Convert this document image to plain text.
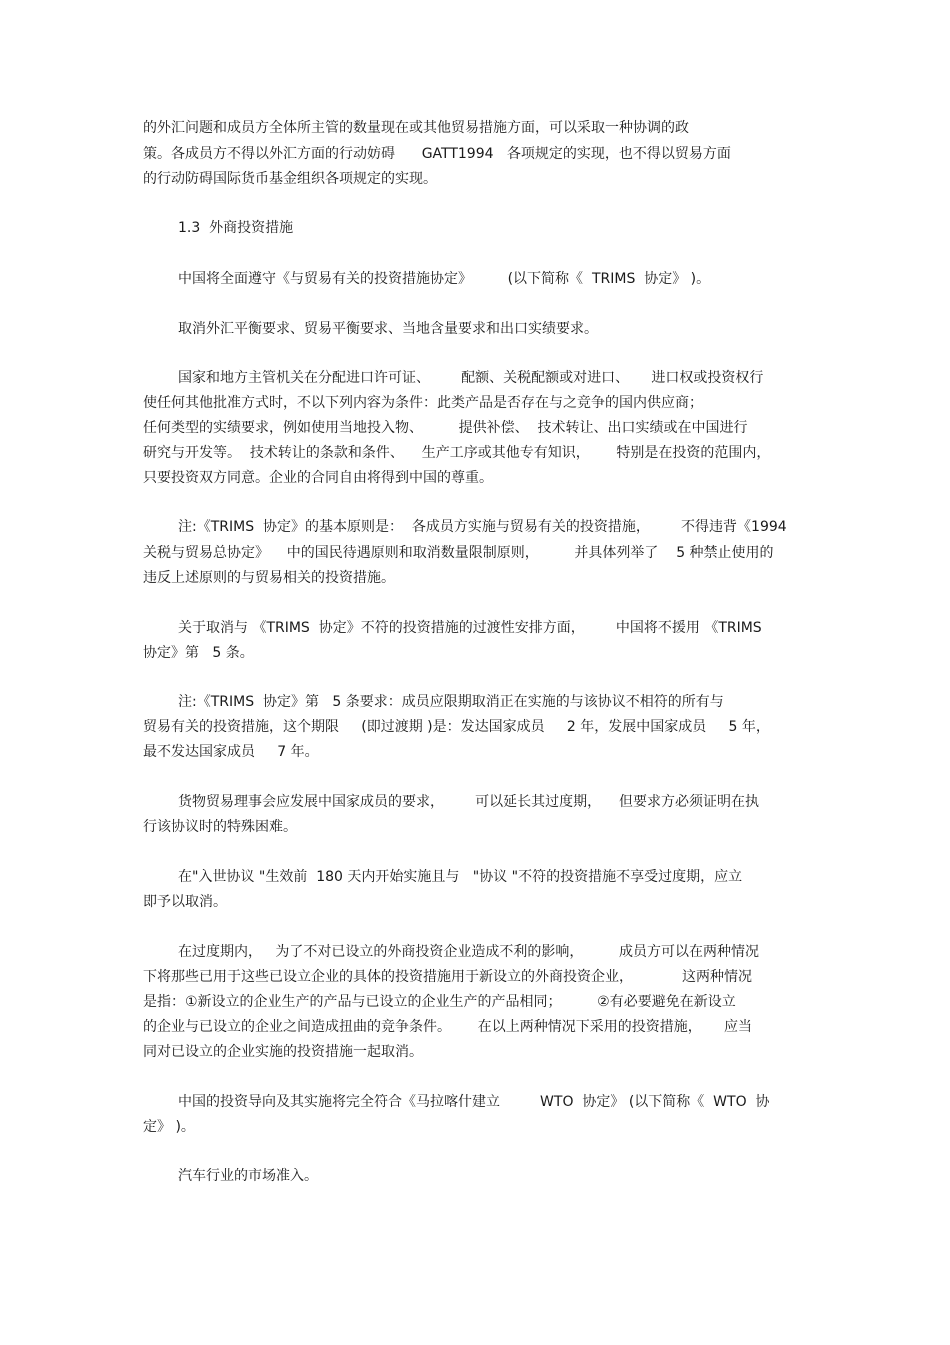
的外汇问题和成员方全体所主管的数量现在或其他贸易措施方面，可以采取一种协调的政
策。各成员方不得以外汇方面的行动妨碍      GATT1994   各项规定的实现，也不得以贸易方面
的行动防碍国际货币基金组织各项规定的实现。
1.3  外商投资措施
中国将全面遵守《与贸易有关的投资措施协定》        (以下简称《  TRIMS  协定》 )。
取消外汇平衡要求、贸易平衡要求、当地含量要求和出口实绩要求。
国家和地方主管机关在分配进口许可证、       配额、关税配额或对进口、     进口权或投资权行
使任何其他批准方式时，不以下列内容为条件：此类产品是否存在与之竞争的国内供应商；
任何类型的实绩要求，例如使用当地投入物、        提供补偿、  技术转让、出口实绩或在中国进行
研究与开发等。  技术转让的条款和条件、    生产工序或其他专有知识，      特别是在投资的范围内，
只要投资双方同意。企业的合同自由将得到中国的尊重。
注:《TRIMS  协定》的基本原则是：  各成员方实施与贸易有关的投资措施，       不得违背《1994
关税与贸易总协定》    中的国民待遇原则和取消数量限制原则，        并具体列举了    5 种禁止使用的
违反上述原则的与贸易相关的投资措施。
关于取消与 《TRIMS  协定》不符的投资措施的过渡性安排方面，       中国将不援用 《TRIMS
协定》第   5 条。
注:《TRIMS  协定》第   5 条要求：成员应限期取消正在实施的与该协议不相符的所有与
贸易有关的投资措施，这个期限     (即过渡期 )是：发达国家成员     2 年，发展中国家成员     5 年，
最不发达国家成员     7 年。
货物贸易理事会应发展中国家成员的要求，       可以延长其过度期，    但要求方必须证明在执
行该协议时的特殊困难。
在"入世协议 "生效前  180 天内开始实施且与   "协议 "不符的投资措施不享受过度期，应立
即予以取消。
在过度期内，   为了不对已设立的外商投资企业造成不利的影响，        成员方可以在两种情况
下将那些已用于这些已设立企业的具体的投资措施用于新设立的外商投资企业，           这两种情况
是指：①新设立的企业生产的产品与已设立的企业生产的产品相同；        ②有必要避免在新设立
的企业与已设立的企业之间造成扭曲的竞争条件。      在以上两种情况下采用的投资措施，     应当
同对已设立的企业实施的投资措施一起取消。
中国的投资导向及其实施将完全符合《马拉喀什建立         WTO  协定》 (以下简称《  WTO  协
定》 )。
汽车行业的市场准入。
